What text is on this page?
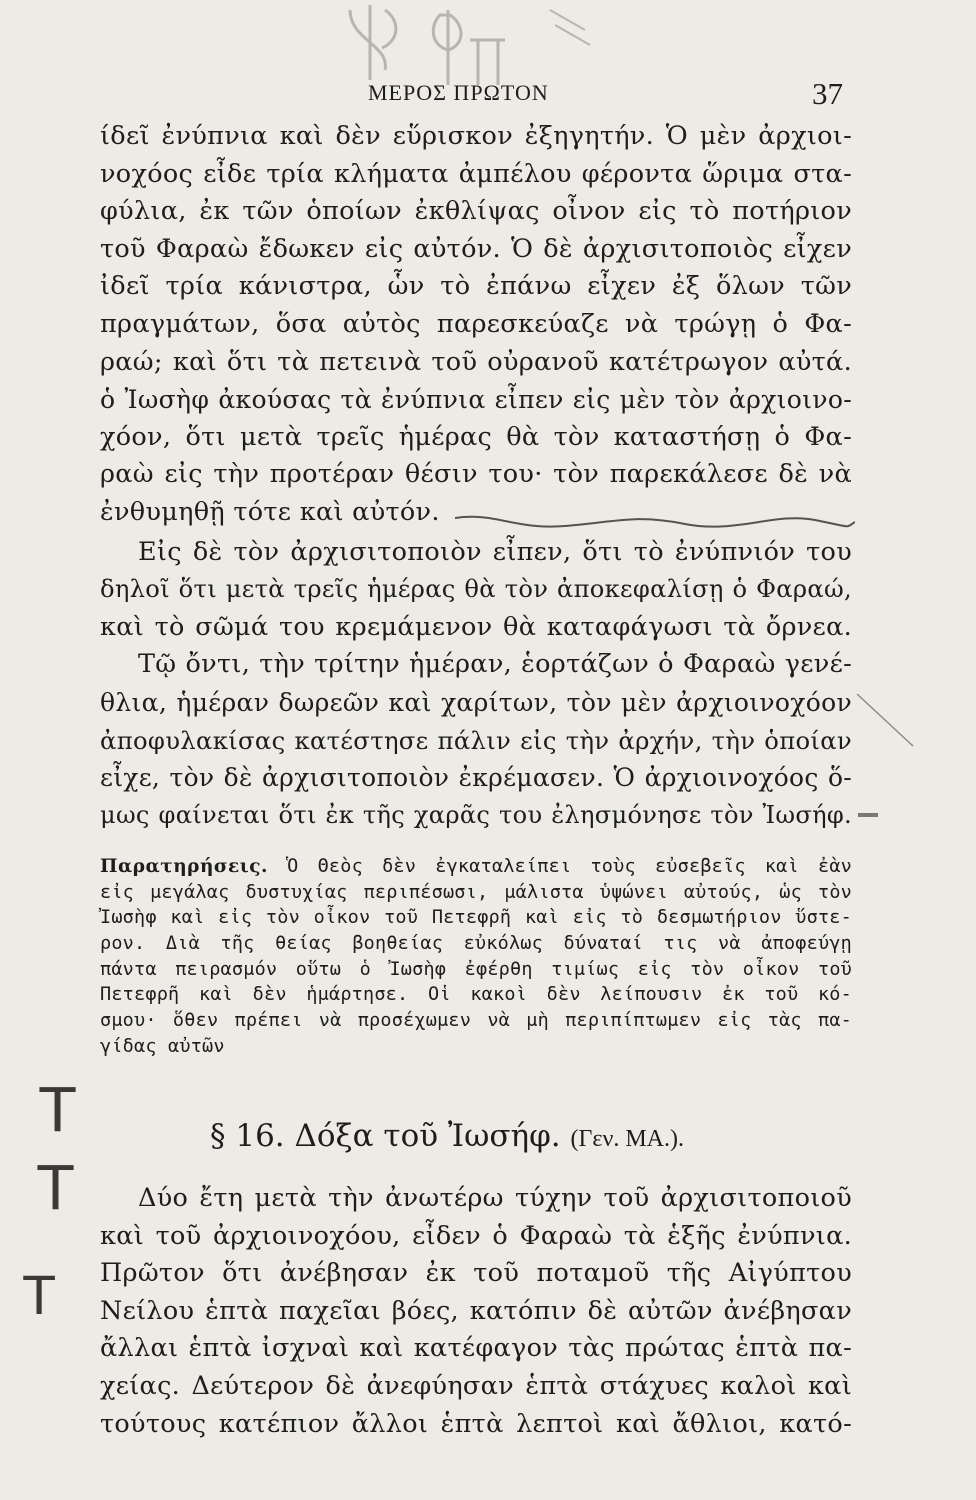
ΜΕΡΟΣ ΠΡΩΤΟΝ	37
ίδεῖ ἐνύπνια καὶ δὲν εὕρισκον ἐξηγητήν. Ὁ μὲν ἀρχιοι-
νοχόος εἶδε τρία κλήματα ἀμπέλου φέροντα ὥριμα στα-
φύλια, ἐκ τῶν ὁποίων ἐκθλίψας οἶνον εἰς τὸ ποτήριον
τοῦ Φαραὼ ἔδωκεν εἰς αὐτόν. Ὁ δὲ ἀρχισιτοποιὸς εἶχεν
ἰδεῖ τρία κάνιστρα, ὧν τὸ ἐπάνω εἶχεν ἐξ ὅλων τῶν
πραγμάτων, ὅσα αὐτὸς παρεσκεύαζε νὰ τρώγῃ ὁ Φα-
ραώ; καὶ ὅτι τὰ πετεινὰ τοῦ οὐρανοῦ κατέτρωγον αὐτά.
ὁ Ἰωσὴφ ἀκούσας τὰ ἐνύπνια εἶπεν εἰς μὲν τὸν ἀρχιοινο-
χόον, ὅτι μετὰ τρεῖς ἡμέρας θὰ τὸν καταστήσῃ ὁ Φα-
ραὼ εἰς τὴν προτέραν θέσιν του· τὸν παρεκάλεσε δὲ νὰ
ἐνθυμηθῇ τότε καὶ αὐτόν.
Εἰς δὲ τὸν ἀρχισιτοποιὸν εἶπεν, ὅτι τὸ ἐνύπνιόν του
δηλοῖ ὅτι μετὰ τρεῖς ἡμέρας θὰ τὸν ἀποκεφαλίσῃ ὁ Φαραώ,
καὶ τὸ σῶμά του κρεμάμενον θὰ καταφάγωσι τὰ ὄρνεα.
Τῷ ὄντι, τὴν τρίτην ἡμέραν, ἑορτάζων ὁ Φαραὼ γενέ-
θλια, ἡμέραν δωρεῶν καὶ χαρίτων, τὸν μὲν ἀρχιοινοχόον
ἀποφυλακίσας κατέστησε πάλιν εἰς τὴν ἀρχήν, τὴν ὁποίαν
εἶχε, τὸν δὲ ἀρχισιτοποιὸν ἐκρέμασεν. Ὁ ἀρχιοινοχόος ὅ-
μως φαίνεται ὅτι ἐκ τῆς χαρᾶς του ἐλησμόνησε τὸν Ἰωσήφ.
Παρατηρήσεις. Ὁ Θεὸς δὲν ἐγκαταλείπει τοὺς εὐσεβεῖς καὶ ἐὰν
εἰς μεγάλας δυστυχίας περιπέσωσι, μάλιστα ὑψώνει αὐτούς, ὡς τὸν
Ἰωσὴφ καὶ εἰς τὸν οἶκον τοῦ Πετεφρῆ καὶ εἰς τὸ δεσμωτήριον ὕστε-
ρον. Διὰ τῆς θείας βοηθείας εὐκόλως δύναταί τις νὰ ἀποφεύγῃ
πάντα πειρασμόν οὕτω ὁ Ἰωσὴφ ἐφέρθη τιμίως εἰς τὸν οἶκον τοῦ
Πετεφρῆ καὶ δὲν ἡμάρτησε. Οἱ κακοὶ δὲν λείπουσιν ἐκ τοῦ κό-
σμου· ὅθεν πρέπει νὰ προσέχωμεν νὰ μὴ περιπίπτωμεν εἰς τὰς πα-
γίδας αὐτῶν
T
T
T
§ 16. Δόξα τοῦ Ἰωσήφ. (Γεν. ΜΑ.).
Δύο ἔτη μετὰ τὴν ἀνωτέρω τύχην τοῦ ἀρχισιτοποιοῦ
καὶ τοῦ ἀρχιοινοχόου, εἶδεν ὁ Φαραὼ τὰ ἑξῆς ἐνύπνια.
Πρῶτον ὅτι ἀνέβησαν ἐκ τοῦ ποταμοῦ τῆς Αἰγύπτου
Νείλου ἑπτὰ παχεῖαι βόες, κατόπιν δὲ αὐτῶν ἀνέβησαν
ἄλλαι ἑπτὰ ἰσχναὶ καὶ κατέφαγον τὰς πρώτας ἑπτὰ πα-
χείας. Δεύτερον δὲ ἀνεφύησαν ἑπτὰ στάχυες καλοὶ καὶ
τούτους κατέπιον ἄλλοι ἑπτὰ λεπτοὶ καὶ ἄθλιοι, κατό-
